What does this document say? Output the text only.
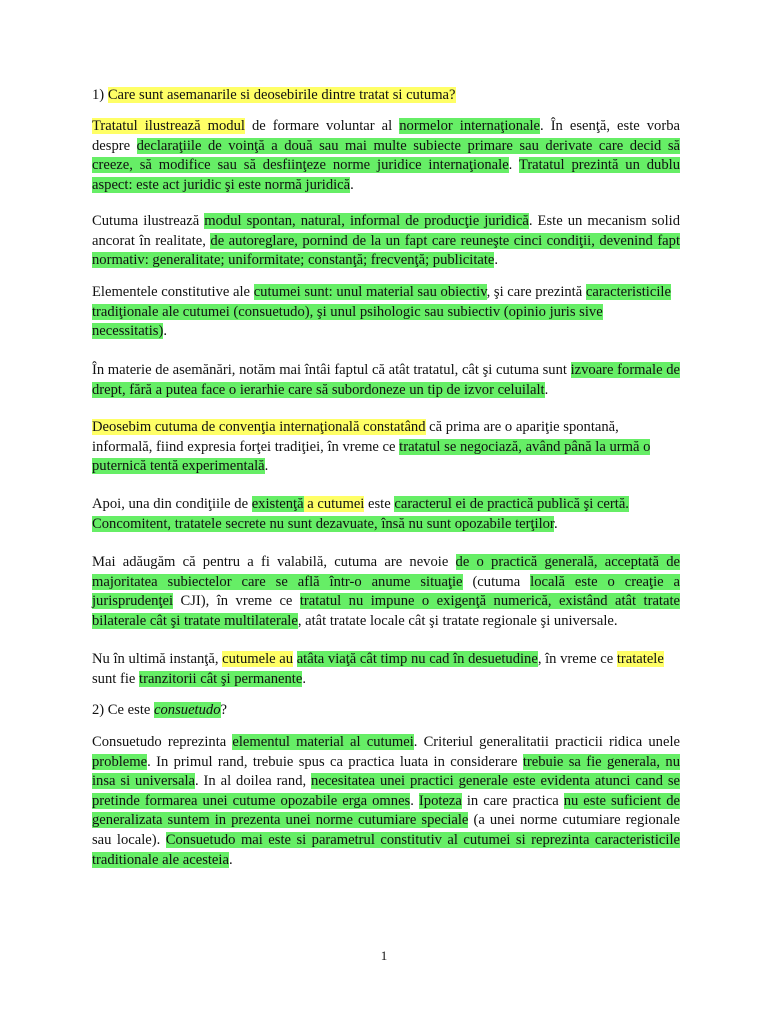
1) Care sunt asemanarile si deosebirile dintre tratat si cutuma?

Tratatul ilustrează modul de formare voluntar al normelor internaţionale. În esenţă, este vorba despre declaraţiile de voinţă a două sau mai multe subiecte primare sau derivate care decid să creeze, să modifice sau să desfiinţeze norme juridice internaţionale. Tratatul prezintă un dublu aspect: este act juridic şi este normă juridică.

Cutuma ilustrează modul spontan, natural, informal de producţie juridică. Este un mecanism solid ancorat în realitate, de autoreglare, pornind de la un fapt care reuneşte cinci condiţii, devenind fapt normativ: generalitate; uniformitate; constanţă; frecvenţă; publicitate.

Elementele constitutive ale cutumei sunt: unul material sau obiectiv, şi care prezintă caracteristicile tradiţionale ale cutumei (consuetudo), şi unul psihologic sau subiectiv (opinio juris sive necessitatis).

În materie de asemănări, notăm mai întâi faptul că atât tratatul, cât şi cutuma sunt izvoare formale de drept, fără a putea face o ierarhie care să subordoneze un tip de izvor celuilalt.

Deosebim cutuma de convenţia internaţională constatând că prima are o apariţie spontană, informală, fiind expresia forţei tradiţiei, în vreme ce tratatul se negociază, având până la urmă o puternică tentă experimentală.

Apoi, una din condiţiile de existenţă a cutumei este caracterul ei de practică publică şi certă. Concomitent, tratatele secrete nu sunt dezavuate, însă nu sunt opozabile terţilor.

Mai adăugăm că pentru a fi valabilă, cutuma are nevoie de o practică generală, acceptată de majoritatea subiectelor care se află într-o anume situaţie (cutuma locală este o creaţie a jurisprudenţei CJI), în vreme ce tratatul nu impune o exigenţă numerică, existând atât tratate bilaterale cât şi tratate multilaterale, atât tratate locale cât şi tratate regionale şi universale.

Nu în ultimă instanţă, cutumele au atâta viaţă cât timp nu cad în desuetudine, în vreme ce tratatele sunt fie tranzitorii cât şi permanente.

2) Ce este consuetudo?

Consuetudo reprezinta elementul material al cutumei. Criteriul generalitatii practicii ridica unele probleme. In primul rand, trebuie spus ca practica luata in considerare trebuie sa fie generala, nu insa si universala. In al doilea rand, necesitatea unei practici generale este evidenta atunci cand se pretinde formarea unei cutume opozabile erga omnes. Ipoteza in care practica nu este suficient de generalizata suntem in prezenta unei norme cutumiare speciale (a unei norme cutumiare regionale sau locale). Consuetudo mai este si parametrul constitutiv al cutumei si reprezinta caracteristicile traditionale ale acesteia.

1
